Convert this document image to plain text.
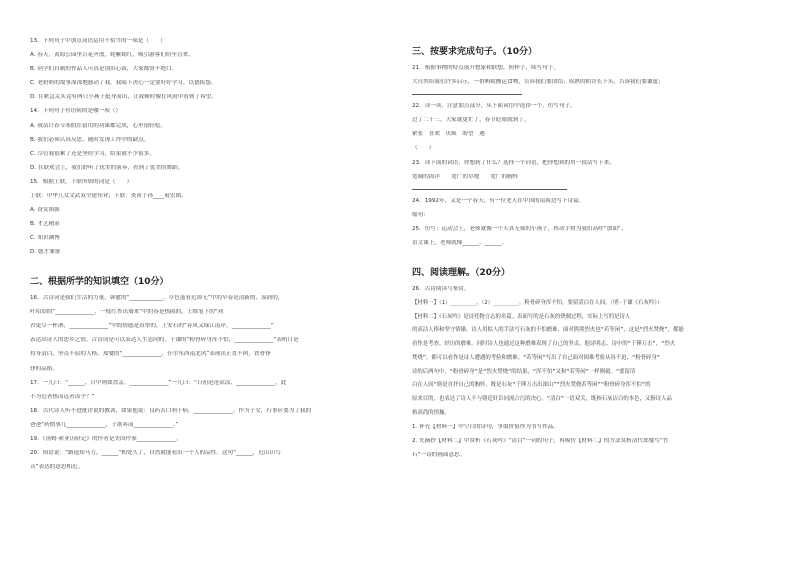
13．下列句子中加点词语运用不恰当的一项是（　　）

A. 春天，黄海公园里百花齐放，姹紫嫣红，吸引游客们纷至沓来。

B. 同学们自制的作品人可真是别出心裁，大家都赞不绝口。

C. 老奶奶的故事深深地感动了我，我暗下决心一定要好好学习、以德报怨。

D. 在紧急关头竟有两只小燕子挺身而出，让我顿时像在风雨中看到了希望。

14．下列句子有语病的是哪一项（）

A. 我估计春节寒假在留用的功课都完成，心里很轻松。

B. 我们必须认真反思，随时发现工作中的缺点。

C. 尽管我很累了还是坚持学习，结果就不少很多。

D. 在联欢会上，我们聆听了优美的演奏，看到了优美的舞蹈。

15．根据上联，下联所填的词是（　　）

上联：中华儿女文武双全建伟业；下联：炎黄子孙____展宏图。

A. 奋发图强

B. 才艺精湛

C. 知识渊博

D. 德才兼备

二、根据所学的知识填空（10分）

16．古诗词是我们生活的力量，韩愈的“____________，草色遥看近却无”中的早春是清新的、湿润的，

叶绍翁的“______________，一枝红杏出墙来”中的春是热闹的。王维笔下的“劝

君更尽一杯酒，______________”中的情感是真挚的，王安石的“春风又绿江南岸，______________”

表达出诗人的思乡之情。古诗词是可以表达人生志向的，于谦的“粉骨碎身浑不怕，______________”表明日是

持身清白，坚贞不屈的人格，郑燮的“______________，任尔东西南北风”表现出正直不阿，铁骨铮

铮的品格。

17．一儿曰：“______，日中则如盘盂。______________”一儿曰：“日初沧沧凉凉，______________，此

不为近者热而远者凉乎？”

18．古代诗人听不进批评说的教训，如果他说：良药苦口利于病，______________。作为子女，行事应要为了我的

爸爸“药惯事儿______________，子欲养而______________。”

19．《汤姆·索亚历险记》的作者是美国作家______________。

20．俗语说：“路遥知马力，______”相处久了，自然就能看出一个人的品性。这句“______，近山识鸟

音”表达的意思相近。

三、按要求完成句子。（10分）

21．根据事物的特点展开想象和联想，照样子，续写句子。

大自然给我们许多启示，一群蚂蚁搬运食物，告诉我们要团结；成熟的稻谷长下头，告诉我们要谦虚；

22．读一读，注意加点部分，从下面词语中选择一个，仿写句子。

过了二十三，大家就更忙了，春节眨眼就到了。

紧张　喜欢　厌烦　盼望　遇

（　　）

23．读下面的词语，你想到了什么？选择一个词语，把你想到的用一段话写下来。

宽阔的海洋　　宽广的草地　　宽广的胸怀

24．1992年，又是一个春天，有一位老人在中国的南海边写下诗篇。

缩句：

25．仿写：运动会上，老师就像一个天真无邪的小孩子，挥动手臂为我们高呼“加油”。

语文课上，老师就像______，______。

四、阅读理解。（20分）

26．古诗阅读与鉴赏。

【材料一】（1）________，（2）________。粉骨碎身浑不怕，要留清白在人间。（明·于谦《石灰吟》）

【材料二】《石灰吟》是诗托物言志的名篇。表面写的是石灰的烧制过程，实际上写的是诗人

的高洁人格和坚守情操。诗人用拟人的手法写石灰的不怕磨难、面对熊熊烈火也“若等闲”，这是“烈火焚烧”，都能

看作是考查、经历的磨难。同时诗人也通过这种磨难表现了自己的坚贞，他诗明志，诗中的“千锤万击”，“烈火

焚烧”，都可以看作是诗人遭遇的考验和磨难。“若等闲”写出了自己面对困难考验从容不迫、“粉骨碎身”

诗的后两句中，“粉骨碎身”是“烈火焚烧”的结果，“浑不怕”又和“若等闲”一样刚毅。“要留清

白在人间”则是直抒自己的胸怀，既是石灰“千锤万击出深山”“烈火焚烧若等闲”“粉骨碎身浑不怕”的

原来目的，也表达了诗人不与朝廷奸臣同流合污的决心。“清白”一语双关，既指石灰洁白的本色，又指诗人品

格高尚的情操。

1. 补充【材料一】中空白的诗句，争取价值作为书写作品。

2. 先摘抄【材料二】中赏析《石灰吟》“清白”一词的句子，再模仿【材料二】的方法赏析清代郑燮写“竹

石”一诗的画面意思。
